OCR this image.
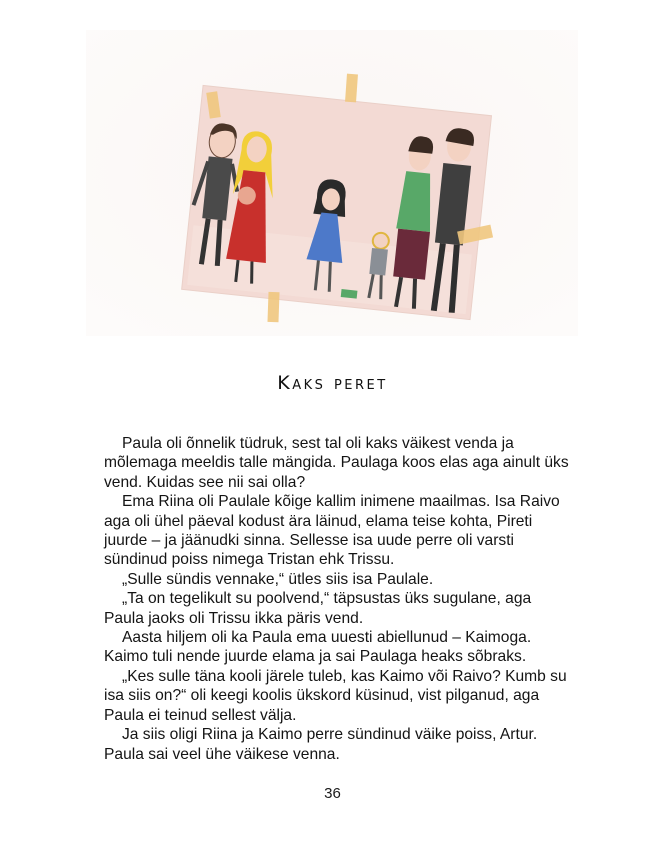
Kaks peret

Paula oli õnnelik tüdruk, sest tal oli kaks väikest venda ja mõlemaga meeldis talle mängida. Paulaga koos elas aga ainult üks vend. Kuidas see nii sai olla?

Ema Riina oli Paulale kõige kallim inimene maailmas. Isa Raivo aga oli ühel päeval kodust ära läinud, elama teise kohta, Pireti juurde – ja jäänudki sinna. Sellesse isa uude perre oli varsti sündinud poiss nimega Tristan ehk Trissu.

„Sulle sündis vennake,“ ütles siis isa Paulale.

„Ta on tegelikult su poolvend,“ täpsustas üks sugulane, aga Paula jaoks oli Trissu ikka päris vend.

Aasta hiljem oli ka Paula ema uuesti abiellunud – Kaimoga. Kaimo tuli nende juurde elama ja sai Paulaga heaks sõbraks.

„Kes sulle täna kooli järele tuleb, kas Kaimo või Raivo? Kumb su isa siis on?“ oli keegi koolis ükskord küsinud, vist pilganud, aga Paula ei teinud sellest välja.

Ja siis oligi Riina ja Kaimo perre sündinud väike poiss, Artur. Paula sai veel ühe väikese venna.

36
